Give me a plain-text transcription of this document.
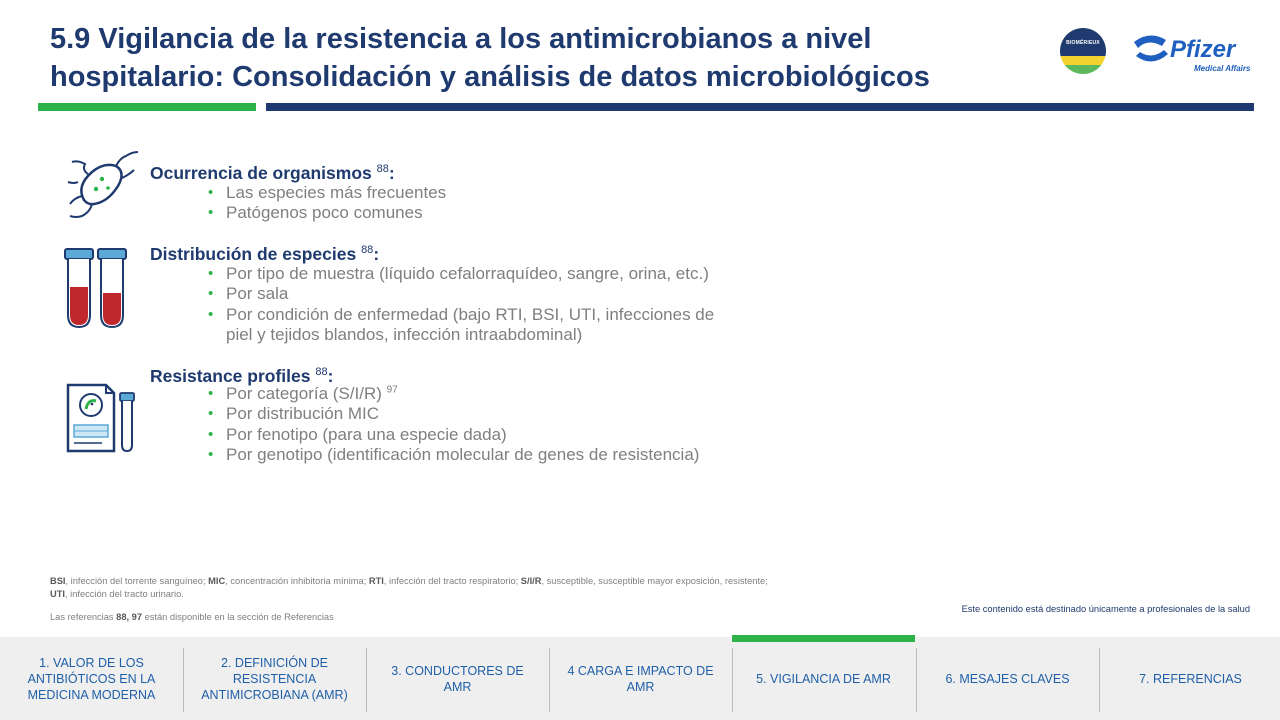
5.9 Vigilancia de la resistencia a los antimicrobianos a nivel
hospitalario: Consolidación y análisis de datos microbiológicos
BIOMÉRIEUX	Pfizer
Medical Affairs

Ocurrencia de organismos $^{88}$:

• Las especies más frecuentes
• Patógenos poco comunes

Distribución de especies $^{88}$:

• Por tipo de muestra (líquido cefalorraquídeo, sangre, orina, etc.)
• Por sala
• Por condición de enfermedad (bajo RTI, BSI, UTI, infecciones de
piel y tejidos blandos, infección intraabdominal)

Resistance profiles $^{88}$:

• Por categoría (S/I/R) $^{97}$
• Por distribución MIC
• Por fenotipo (para una especie dada)
• Por genotipo (identificación molecular de genes de resistencia)

BSI, infección del torrente sanguíneo; MIC, concentración inhibitoria mínima; RTI, infección del tracto respiratorio; S/I/R, susceptible, susceptible mayor exposición, resistente;
UTI, infección del tracto urinario.

Las referencias 88, 97 están disponible en la sección de Referencias

Este contenido está destinado únicamente a profesionales de la salud

1. VALOR DE LOS ANTIBIÓTICOS EN LA MEDICINA MODERNA
2. DEFINICIÓN DE RESISTENCIA ANTIMICROBIANA (AMR)
3. CONDUCTORES DE AMR
4 CARGA E IMPACTO DE AMR
5. VIGILANCIA DE AMR	6. MESAJES CLAVES	7. REFERENCIAS
